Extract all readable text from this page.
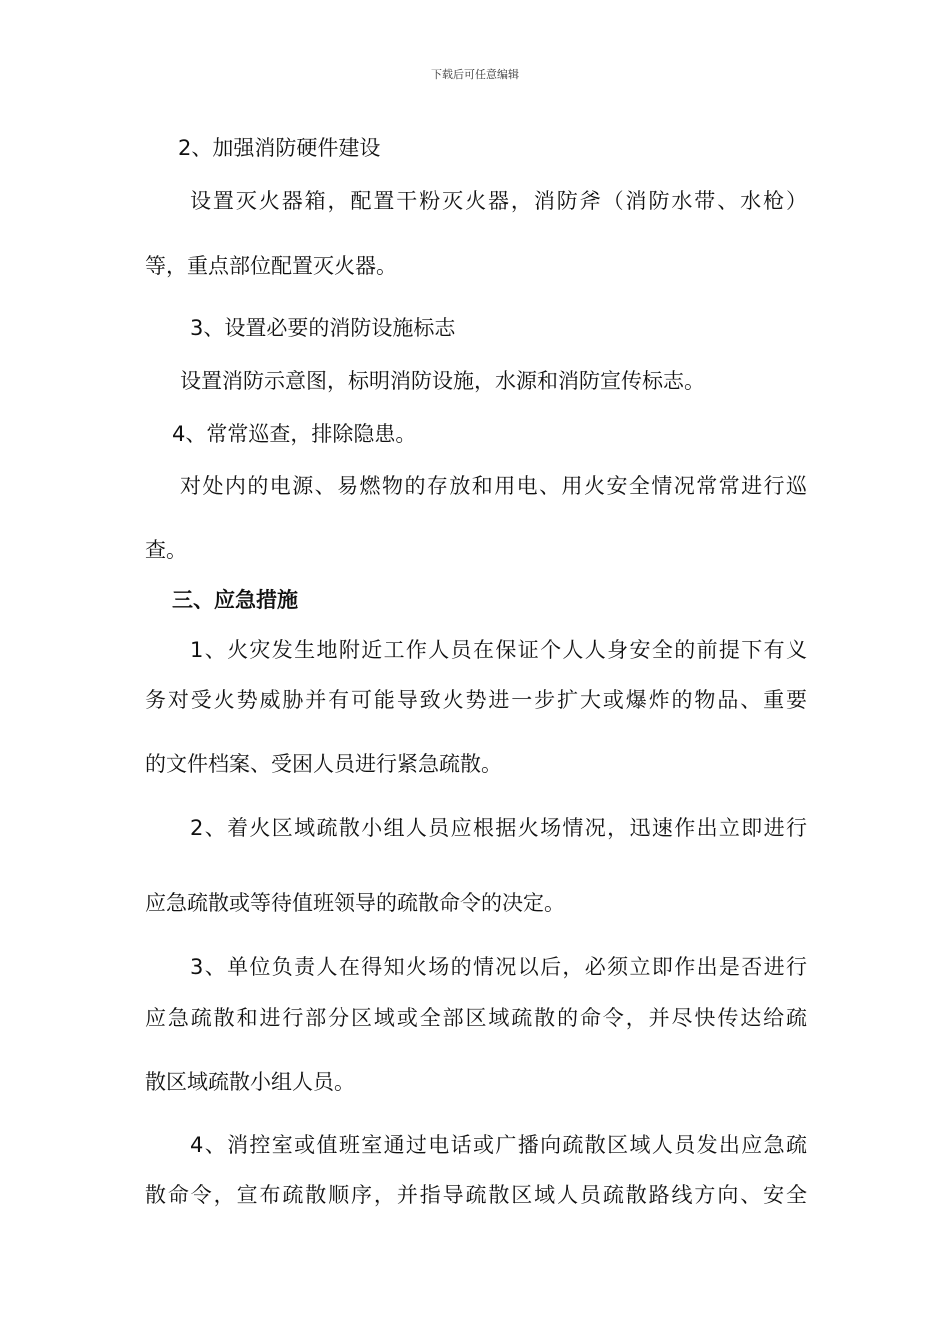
下载后可任意编辑
2、加强消防硬件建设
设置灭火器箱，配置干粉灭火器，消防斧（消防水带、水枪）
等，重点部位配置灭火器。
3、设置必要的消防设施标志
设置消防示意图，标明消防设施，水源和消防宣传标志。
4、常常巡查，排除隐患。
对处内的电源、易燃物的存放和用电、用火安全情况常常进行巡
查。
三、应急措施
1、火灾发生地附近工作人员在保证个人人身安全的前提下有义
务对受火势威胁并有可能导致火势进一步扩大或爆炸的物品、重要
的文件档案、受困人员进行紧急疏散。
2、着火区域疏散小组人员应根据火场情况，迅速作出立即进行
应急疏散或等待值班领导的疏散命令的决定。
3、单位负责人在得知火场的情况以后，必须立即作出是否进行
应急疏散和进行部分区域或全部区域疏散的命令，并尽快传达给疏
散区域疏散小组人员。
4、消控室或值班室通过电话或广播向疏散区域人员发出应急疏
散命令，宣布疏散顺序，并指导疏散区域人员疏散路线方向、安全
